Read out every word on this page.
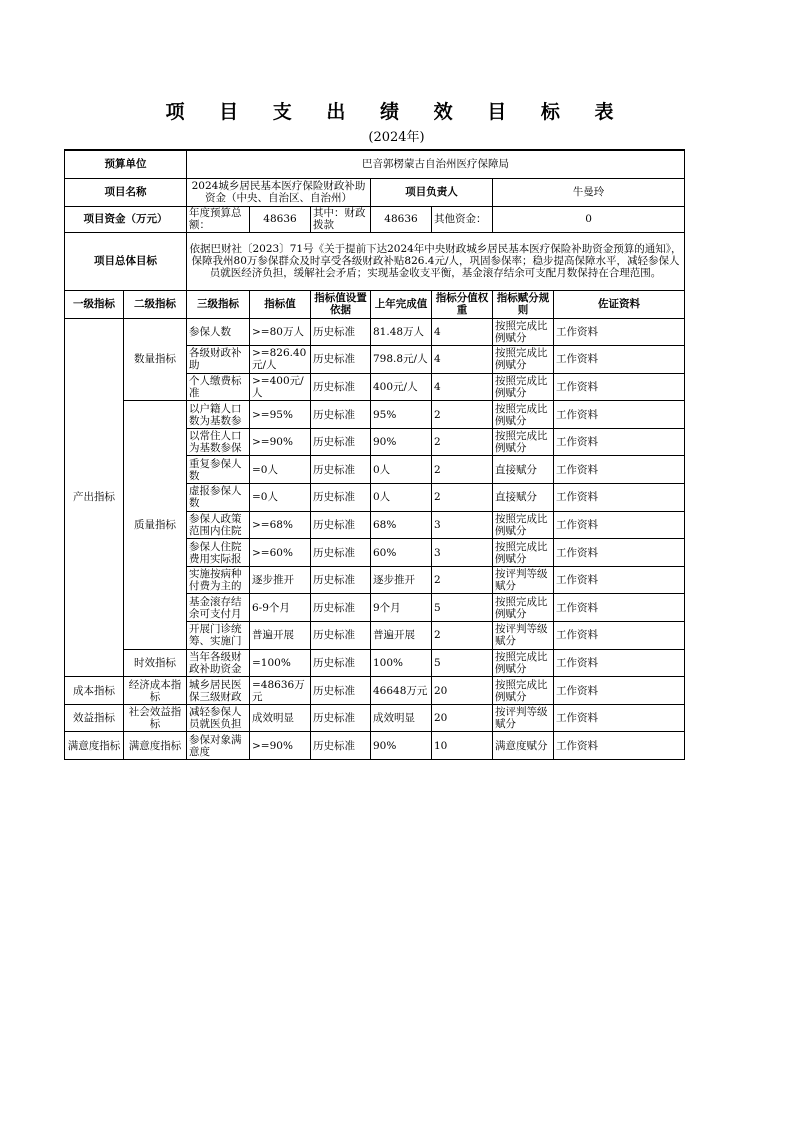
项 目 支 出 绩 效 目 标 表
(2024年)
预算单位		巴音郭楞蒙古自治州医疗保障局						
项目名称		2024城乡居民基本医疗保险财政补助资金（中央、自治区、自治州）			项目负责人		牛曼玲	
项目资金（万元）		年度预算总额：	48636	其中：财政拨款	48636	其他资金：	0	
项目总体目标		依据巴财社〔2023〕71号《关于提前下达2024年中央财政城乡居民基本医疗保险补助资金预算的通知》，保障我州80万参保群众及时享受各级财政补贴826.4元/人，巩固参保率；稳步提高保障水平，减轻参保人员就医经济负担，缓解社会矛盾；实现基金收支平衡，基金滚存结余可支配月数保持在合理范围。						

一级指标	二级指标	三级指标	指标值	指标值设置依据	上年完成值	指标分值权重	指标赋分规则	佐证资料

产出指标	数量指标	参保人数	>=80万人	历史标准	81.48万人	4	按照完成比例赋分	工作资料

		各级财政补助	>=826.40元/人	历史标准	798.8元/人	4	按照完成比例赋分	工作资料

		个人缴费标准	>=400元/人	历史标准	400元/人	4	按照完成比例赋分	工作资料

	质量指标	以户籍人口数为基数参	>=95%	历史标准	95%	2	按照完成比例赋分	工作资料

		以常住人口为基数参保	>=90%	历史标准	90%	2	按照完成比例赋分	工作资料

		重复参保人数	=0人	历史标准	0人	2	直接赋分	工作资料

		虚报参保人数	=0人	历史标准	0人	2	直接赋分	工作资料

		参保人政策范围内住院	>=68%	历史标准	68%	3	按照完成比例赋分	工作资料

		参保人住院费用实际报	>=60%	历史标准	60%	3	按照完成比例赋分	工作资料

		实施按病种付费为主的	逐步推开	历史标准	逐步推开	2	按评判等级赋分	工作资料

		基金滚存结余可支付月	6-9个月	历史标准	9个月	5	按照完成比例赋分	工作资料

		开展门诊统筹、实施门	普遍开展	历史标准	普遍开展	2	按评判等级赋分	工作资料

	时效指标	当年各级财政补助资金	=100%	历史标准	100%	5	按照完成比例赋分	工作资料

成本指标	经济成本指标	城乡居民医保三级财政	=48636万元	历史标准	46648万元	20	按照完成比例赋分	工作资料

效益指标	社会效益指标	减轻参保人员就医负担	成效明显	历史标准	成效明显	20	按评判等级赋分	工作资料

满意度指标	满意度指标	参保对象满意度	>=90%	历史标准	90%	10	满意度赋分	工作资料
